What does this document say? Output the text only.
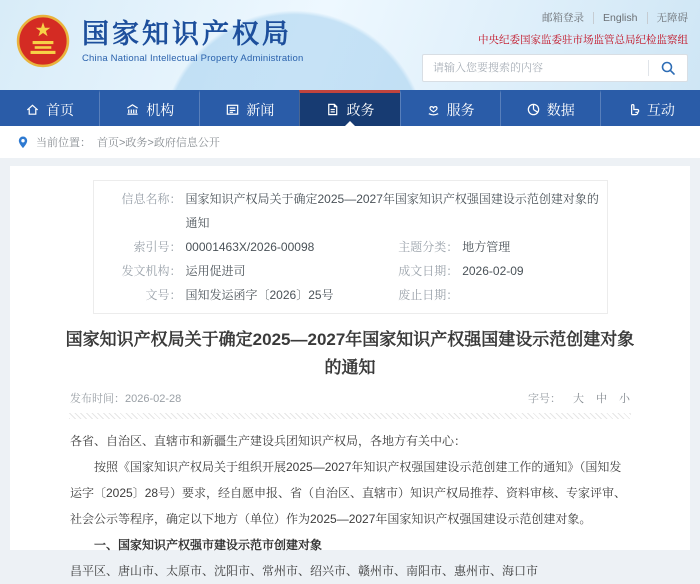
国家知识产权局
China National Intellectual Property Administration
邮箱登录 English 无障碍
中央纪委国家监委驻市场监管总局纪检监察组
请输入您要搜索的内容
首页	机构	新闻	政务	服务	数据	互动
当前位置： 首页>政务>政府信息公开
信息名称： 国家知识产权局关于确定2025—2027年国家知识产权强国建设示范创建对象的通知
索引号： 00001463X/2026-00098	主题分类： 地方管理
发文机构： 运用促进司	成文日期： 2026-02-09
文号： 国知发运函字〔2026〕25号	废止日期：
国家知识产权局关于确定2025—2027年国家知识产权强国建设示范创建对象的通知
发布时间：2026-02-28	字号： 大 中 小

各省、自治区、直辖市和新疆生产建设兵团知识产权局，各地方有关中心：

按照《国家知识产权局关于组织开展2025—2027年知识产权强国建设示范创建工作的通知》（国知发运字〔2025〕28号）要求，经自愿申报、省（自治区、直辖市）知识产权局推荐、资料审核、专家评审、社会公示等程序，确定以下地方（单位）作为2025—2027年国家知识产权强国建设示范创建对象。

一、国家知识产权强市建设示范市创建对象

昌平区、唐山市、太原市、沈阳市、常州市、绍兴市、赣州市、南阳市、惠州市、海口市
